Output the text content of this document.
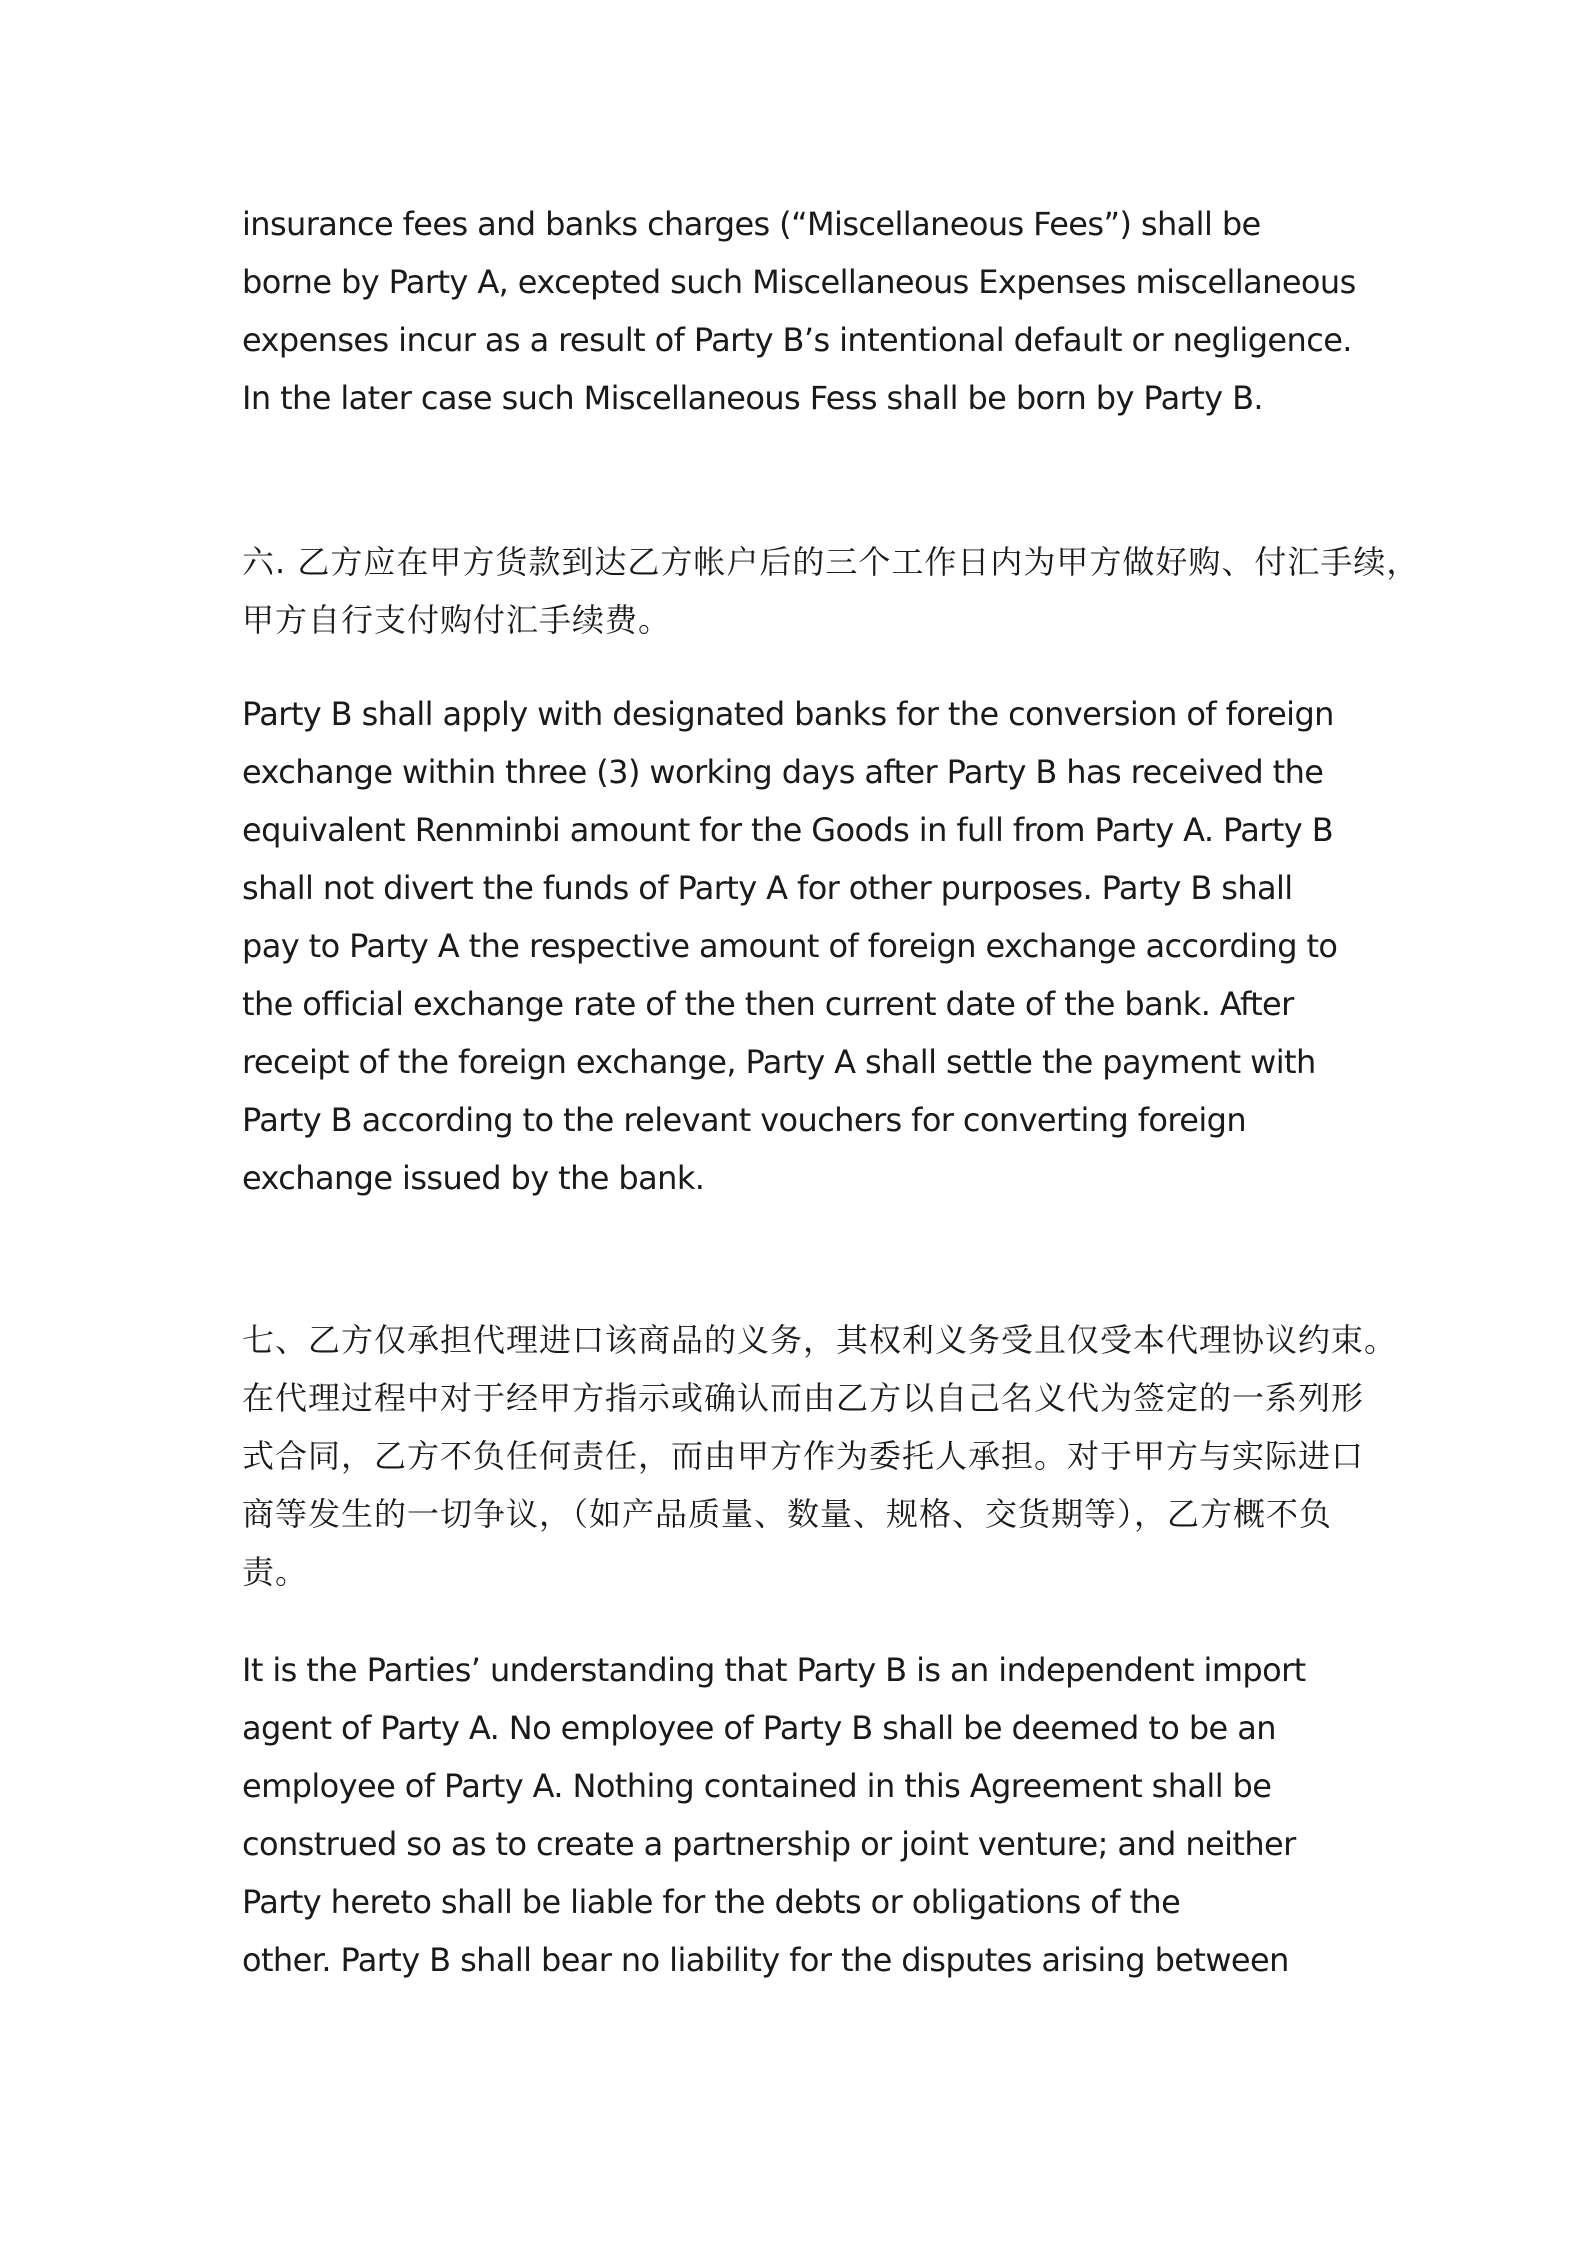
insurance fees and banks charges (“Miscellaneous Fees”) shall be
borne by Party A, excepted such Miscellaneous Expenses miscellaneous
expenses incur as a result of Party B’s intentional default or negligence.
In the later case such Miscellaneous Fess shall be born by Party B.
六. 乙方应在甲方货款到达乙方帐户后的三个工作日内为甲方做好购、付汇手续，
甲方自行支付购付汇手续费。
Party B shall apply with designated banks for the conversion of foreign
exchange within three (3) working days after Party B has received the
equivalent Renminbi amount for the Goods in full from Party A. Party B
shall not divert the funds of Party A for other purposes. Party B shall
pay to Party A the respective amount of foreign exchange according to
the official exchange rate of the then current date of the bank. After
receipt of the foreign exchange, Party A shall settle the payment with
Party B according to the relevant vouchers for converting foreign
exchange issued by the bank.
七、乙方仅承担代理进口该商品的义务，其权利义务受且仅受本代理协议约束。
在代理过程中对于经甲方指示或确认而由乙方以自己名义代为签定的一系列形
式合同，乙方不负任何责任，而由甲方作为委托人承担。对于甲方与实际进口
商等发生的一切争议，（如产品质量、数量、规格、交货期等），乙方概不负
责。
It is the Parties’ understanding that Party B is an independent import
agent of Party A. No employee of Party B shall be deemed to be an
employee of Party A. Nothing contained in this Agreement shall be
construed so as to create a partnership or joint venture; and neither
Party hereto shall be liable for the debts or obligations of the
other. Party B shall bear no liability for the disputes arising between
